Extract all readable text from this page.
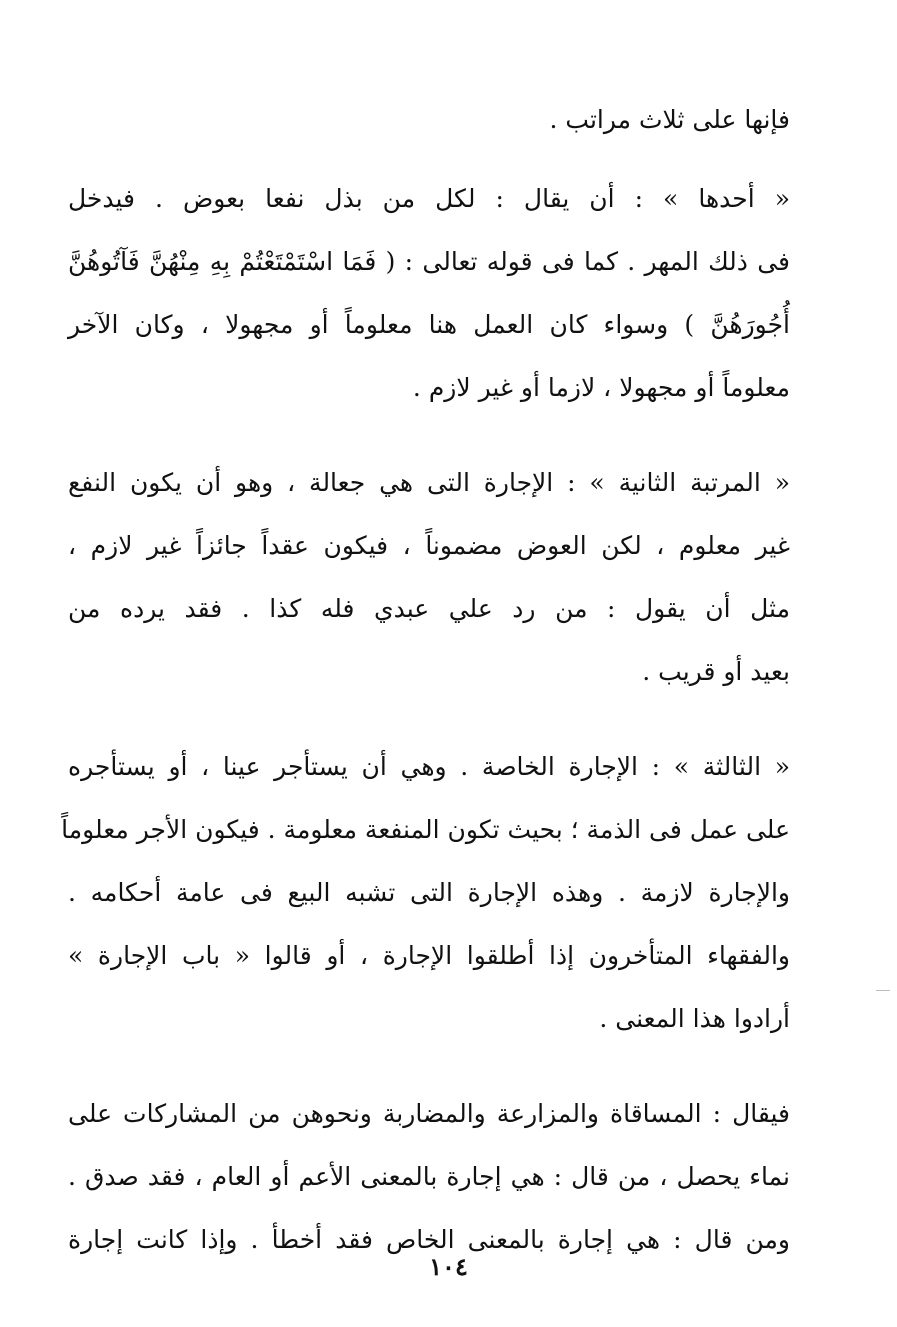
فإنها على ثلاث مراتب .
« أحدها » : أن يقال : لكل من بذل نفعا بعوض . فيدخل
فى ذلك المهر . كما فى قوله تعالى : ( فَمَا اسْتَمْتَعْتُمْ بِهِ مِنْهُنَّ فَآتُوهُنَّ
أُجُورَهُنَّ ) وسواء كان العمل هنا معلوماً أو مجهولا ، وكان الآخر
معلوماً أو مجهولا ، لازما أو غير لازم .
« المرتبة الثانية » : الإجارة التى هي جعالة ، وهو أن يكون النفع
غير معلوم ، لكن العوض مضموناً ، فيكون عقداً جائزاً غير لازم ،
مثل أن يقول : من رد علي عبدي فله كذا . فقد يرده من
بعيد أو قريب .
« الثالثة » : الإجارة الخاصة . وهي أن يستأجر عينا ، أو يستأجره
على عمل فى الذمة ؛ بحيث تكون المنفعة معلومة . فيكون الأجر معلوماً
والإجارة لازمة . وهذه الإجارة التى تشبه البيع فى عامة أحكامه .
والفقهاء المتأخرون إذا أطلقوا الإجارة ، أو قالوا « باب الإجارة »
أرادوا هذا المعنى .
فيقال : المساقاة والمزارعة والمضاربة ونحوهن من المشاركات على
نماء يحصل ، من قال : هي إجارة بالمعنى الأعم أو العام ، فقد صدق .
ومن قال : هي إجارة بالمعنى الخاص فقد أخطأ . وإذا كانت إجارة
١٠٤
